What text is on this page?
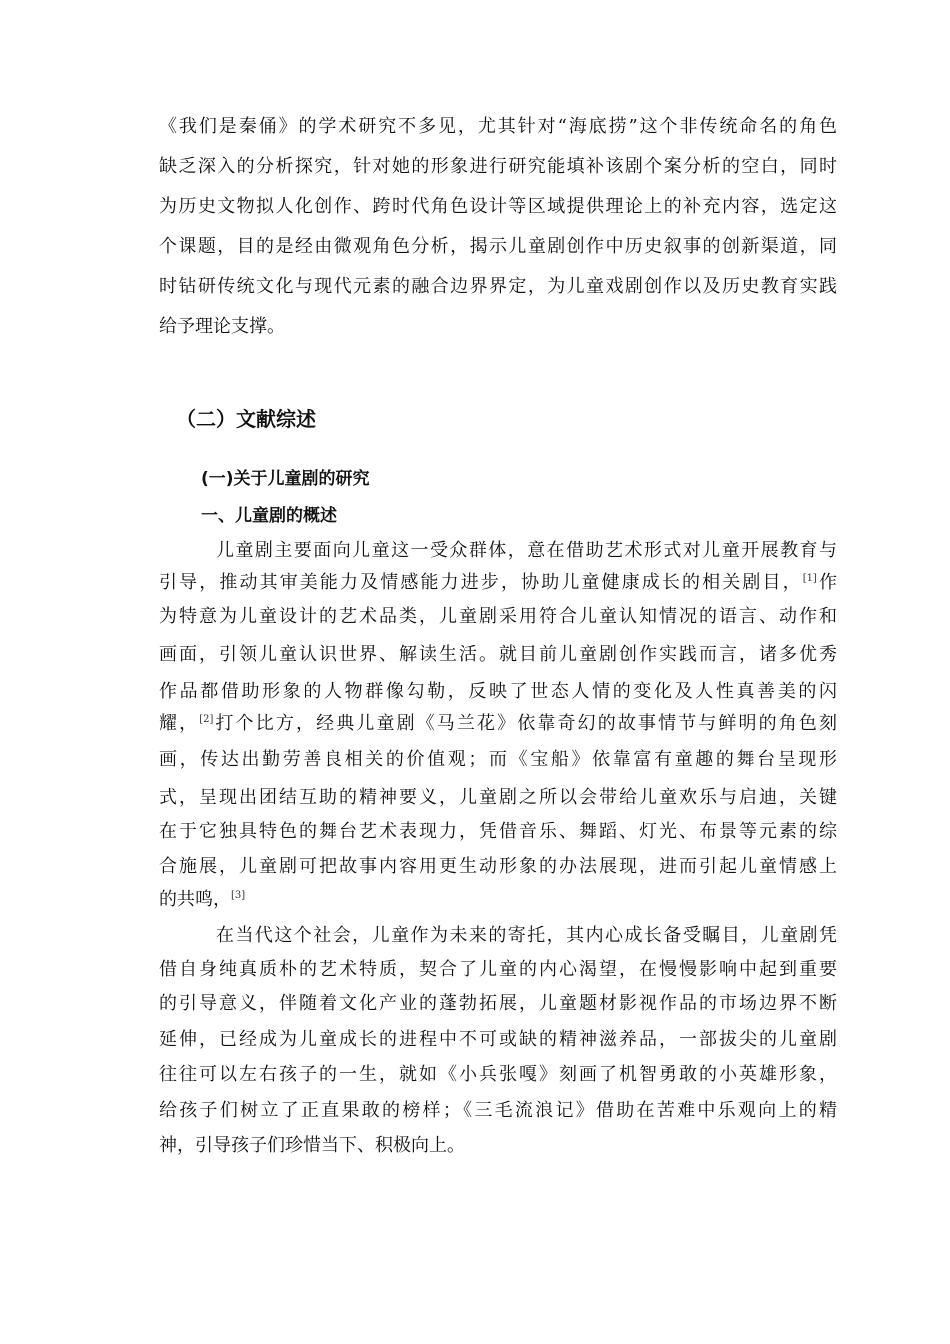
《我们是秦俑》的学术研究不多见，尤其针对“海底捞”这个非传统命名的角色
缺乏深入的分析探究，针对她的形象进行研究能填补该剧个案分析的空白，同时
为历史文物拟人化创作、跨时代角色设计等区域提供理论上的补充内容，选定这
个课题，目的是经由微观角色分析，揭示儿童剧创作中历史叙事的创新渠道，同
时钻研传统文化与现代元素的融合边界界定，为儿童戏剧创作以及历史教育实践
给予理论支撑。
（二）文献综述
(一)关于儿童剧的研究
一、儿童剧的概述
儿童剧主要面向儿童这一受众群体，意在借助艺术形式对儿童开展教育与
引导，推动其审美能力及情感能力进步，协助儿童健康成长的相关剧目，[1]作
为特意为儿童设计的艺术品类，儿童剧采用符合儿童认知情况的语言、动作和
画面，引领儿童认识世界、解读生活。就目前儿童剧创作实践而言，诸多优秀
作品都借助形象的人物群像勾勒，反映了世态人情的变化及人性真善美的闪
耀，[2]打个比方，经典儿童剧《马兰花》依靠奇幻的故事情节与鲜明的角色刻
画，传达出勤劳善良相关的价值观；而《宝船》依靠富有童趣的舞台呈现形
式，呈现出团结互助的精神要义，儿童剧之所以会带给儿童欢乐与启迪，关键
在于它独具特色的舞台艺术表现力，凭借音乐、舞蹈、灯光、布景等元素的综
合施展，儿童剧可把故事内容用更生动形象的办法展现，进而引起儿童情感上
的共鸣，[3]
在当代这个社会，儿童作为未来的寄托，其内心成长备受瞩目，儿童剧凭
借自身纯真质朴的艺术特质，契合了儿童的内心渴望，在慢慢影响中起到重要
的引导意义，伴随着文化产业的蓬勃拓展，儿童题材影视作品的市场边界不断
延伸，已经成为儿童成长的进程中不可或缺的精神滋养品，一部拔尖的儿童剧
往往可以左右孩子的一生，就如《小兵张嘎》刻画了机智勇敢的小英雄形象，
给孩子们树立了正直果敢的榜样；《三毛流浪记》借助在苦难中乐观向上的精
神，引导孩子们珍惜当下、积极向上。
